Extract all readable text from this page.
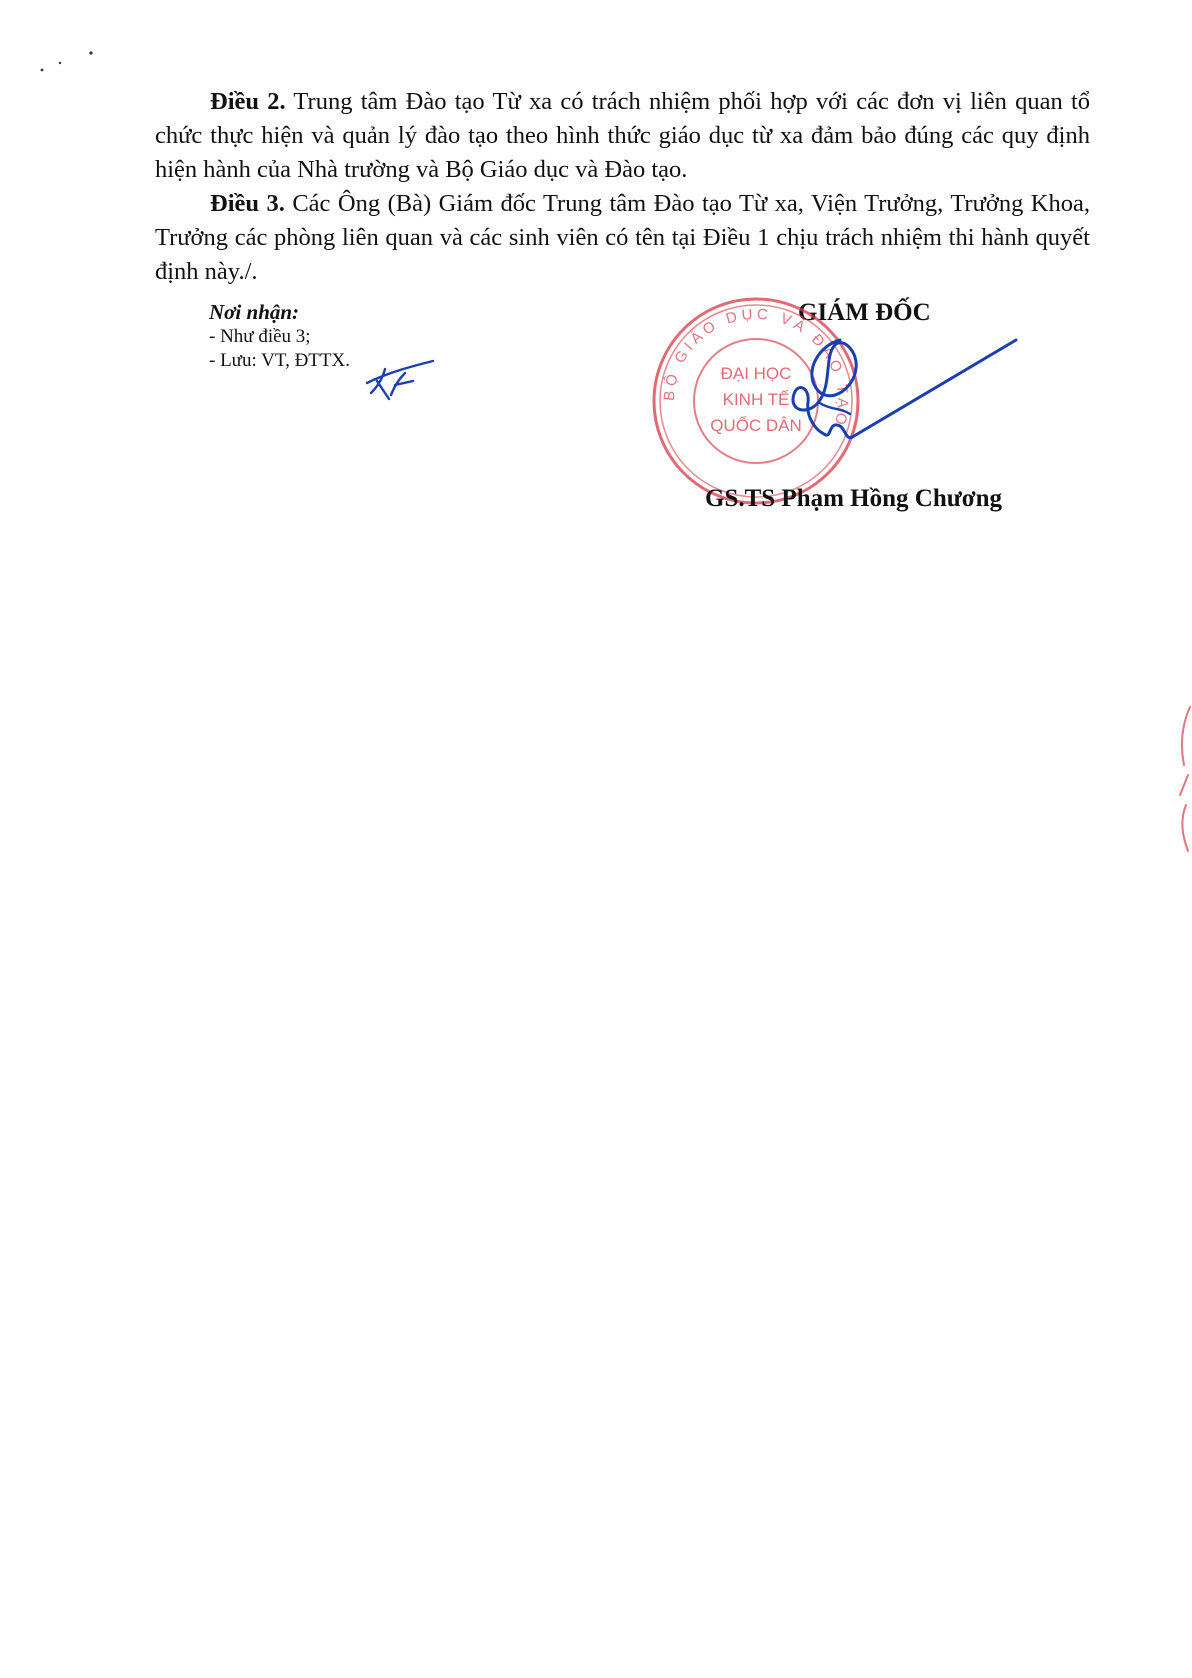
Điều 2. Trung tâm Đào tạo Từ xa có trách nhiệm phối hợp với các đơn vị liên quan tổ chức thực hiện và quản lý đào tạo theo hình thức giáo dục từ xa đảm bảo đúng các quy định hiện hành của Nhà trường và Bộ Giáo dục và Đào tạo.

Điều 3. Các Ông (Bà) Giám đốc Trung tâm Đào tạo Từ xa, Viện Trưởng, Trưởng Khoa, Trưởng các phòng liên quan và các sinh viên có tên tại Điều 1 chịu trách nhiệm thi hành quyết định này./.

Nơi nhận:
- Như điều 3;
- Lưu: VT, ĐTTX.
GIÁM ĐỐC
BỘ GIÁO DỤC VÀ ĐÀO TẠO
ĐẠI HỌC
KINH TẾ
QUỐC DÂN
GS.TS Phạm Hồng Chương
